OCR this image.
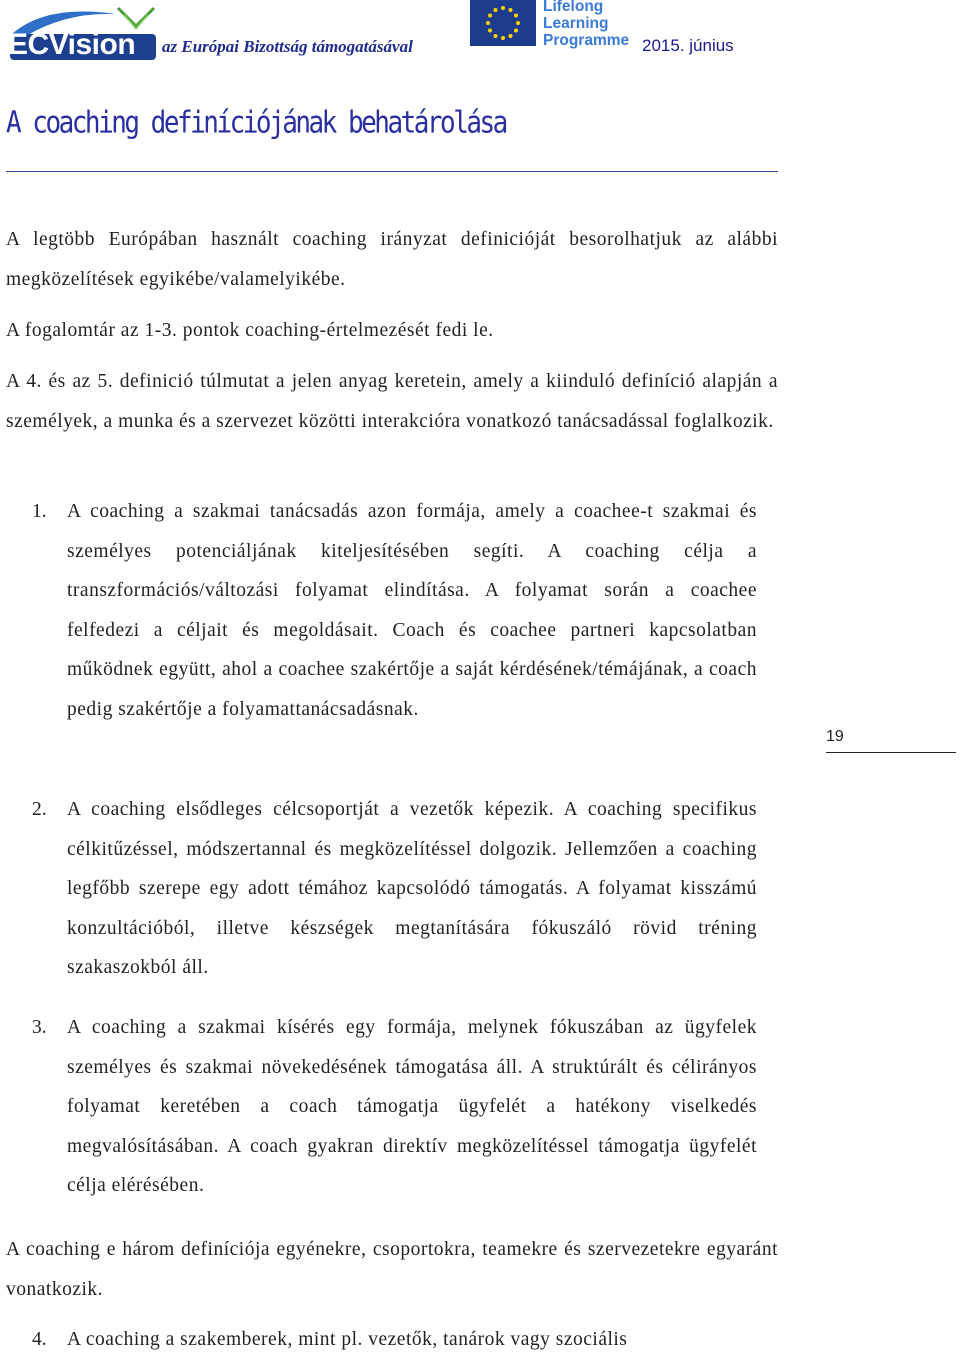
ECVision az Európai Bizottság támogatásával
Lifelong
Learning
Programme 2015. június
A coaching definíciójának behatárolása

A legtöbb Európában használt coaching irányzat definicióját besorolhatjuk az alábbi megközelítések egyikébe/valamelyikébe.

A fogalomtár az 1-3. pontok coaching-értelmezését fedi le.

A 4. és az 5. definició túlmutat a jelen anyag keretein, amely a kiinduló definíció alapján a személyek, a munka és a szervezet közötti interakcióra vonatkozó tanácsadással foglalkozik.

1. A coaching a szakmai tanácsadás azon formája, amely a coachee-t szakmai és személyes potenciáljának kiteljesítésében segíti. A coaching célja a transzformációs/változási folyamat elindítása. A folyamat során a coachee felfedezi a céljait és megoldásait. Coach és coachee partneri kapcsolatban működnek együtt, ahol a coachee szakértője a saját kérdésének/témájának, a coach pedig szakértője a folyamattanácsadásnak.

19
2. A coaching elsődleges célcsoportját a vezetők képezik. A coaching specifikus célkitűzéssel, módszertannal és megközelítéssel dolgozik. Jellemzően a coaching legfőbb szerepe egy adott témához kapcsolódó támogatás. A folyamat kisszámú konzultációból, illetve készségek megtanítására fókuszáló rövid tréning szakaszokból áll.

3. A coaching a szakmai kísérés egy formája, melynek fókuszában az ügyfelek személyes és szakmai növekedésének támogatása áll. A struktúrált és célirányos folyamat keretében a coach támogatja ügyfelét a hatékony viselkedés megvalósításában. A coach gyakran direktív megközelítéssel támogatja ügyfelét célja elérésében.

A coaching e három definíciója egyénekre, csoportokra, teamekre és szervezetekre egyaránt vonatkozik.

4. A coaching a szakemberek, mint pl. vezetők, tanárok vagy szociális
